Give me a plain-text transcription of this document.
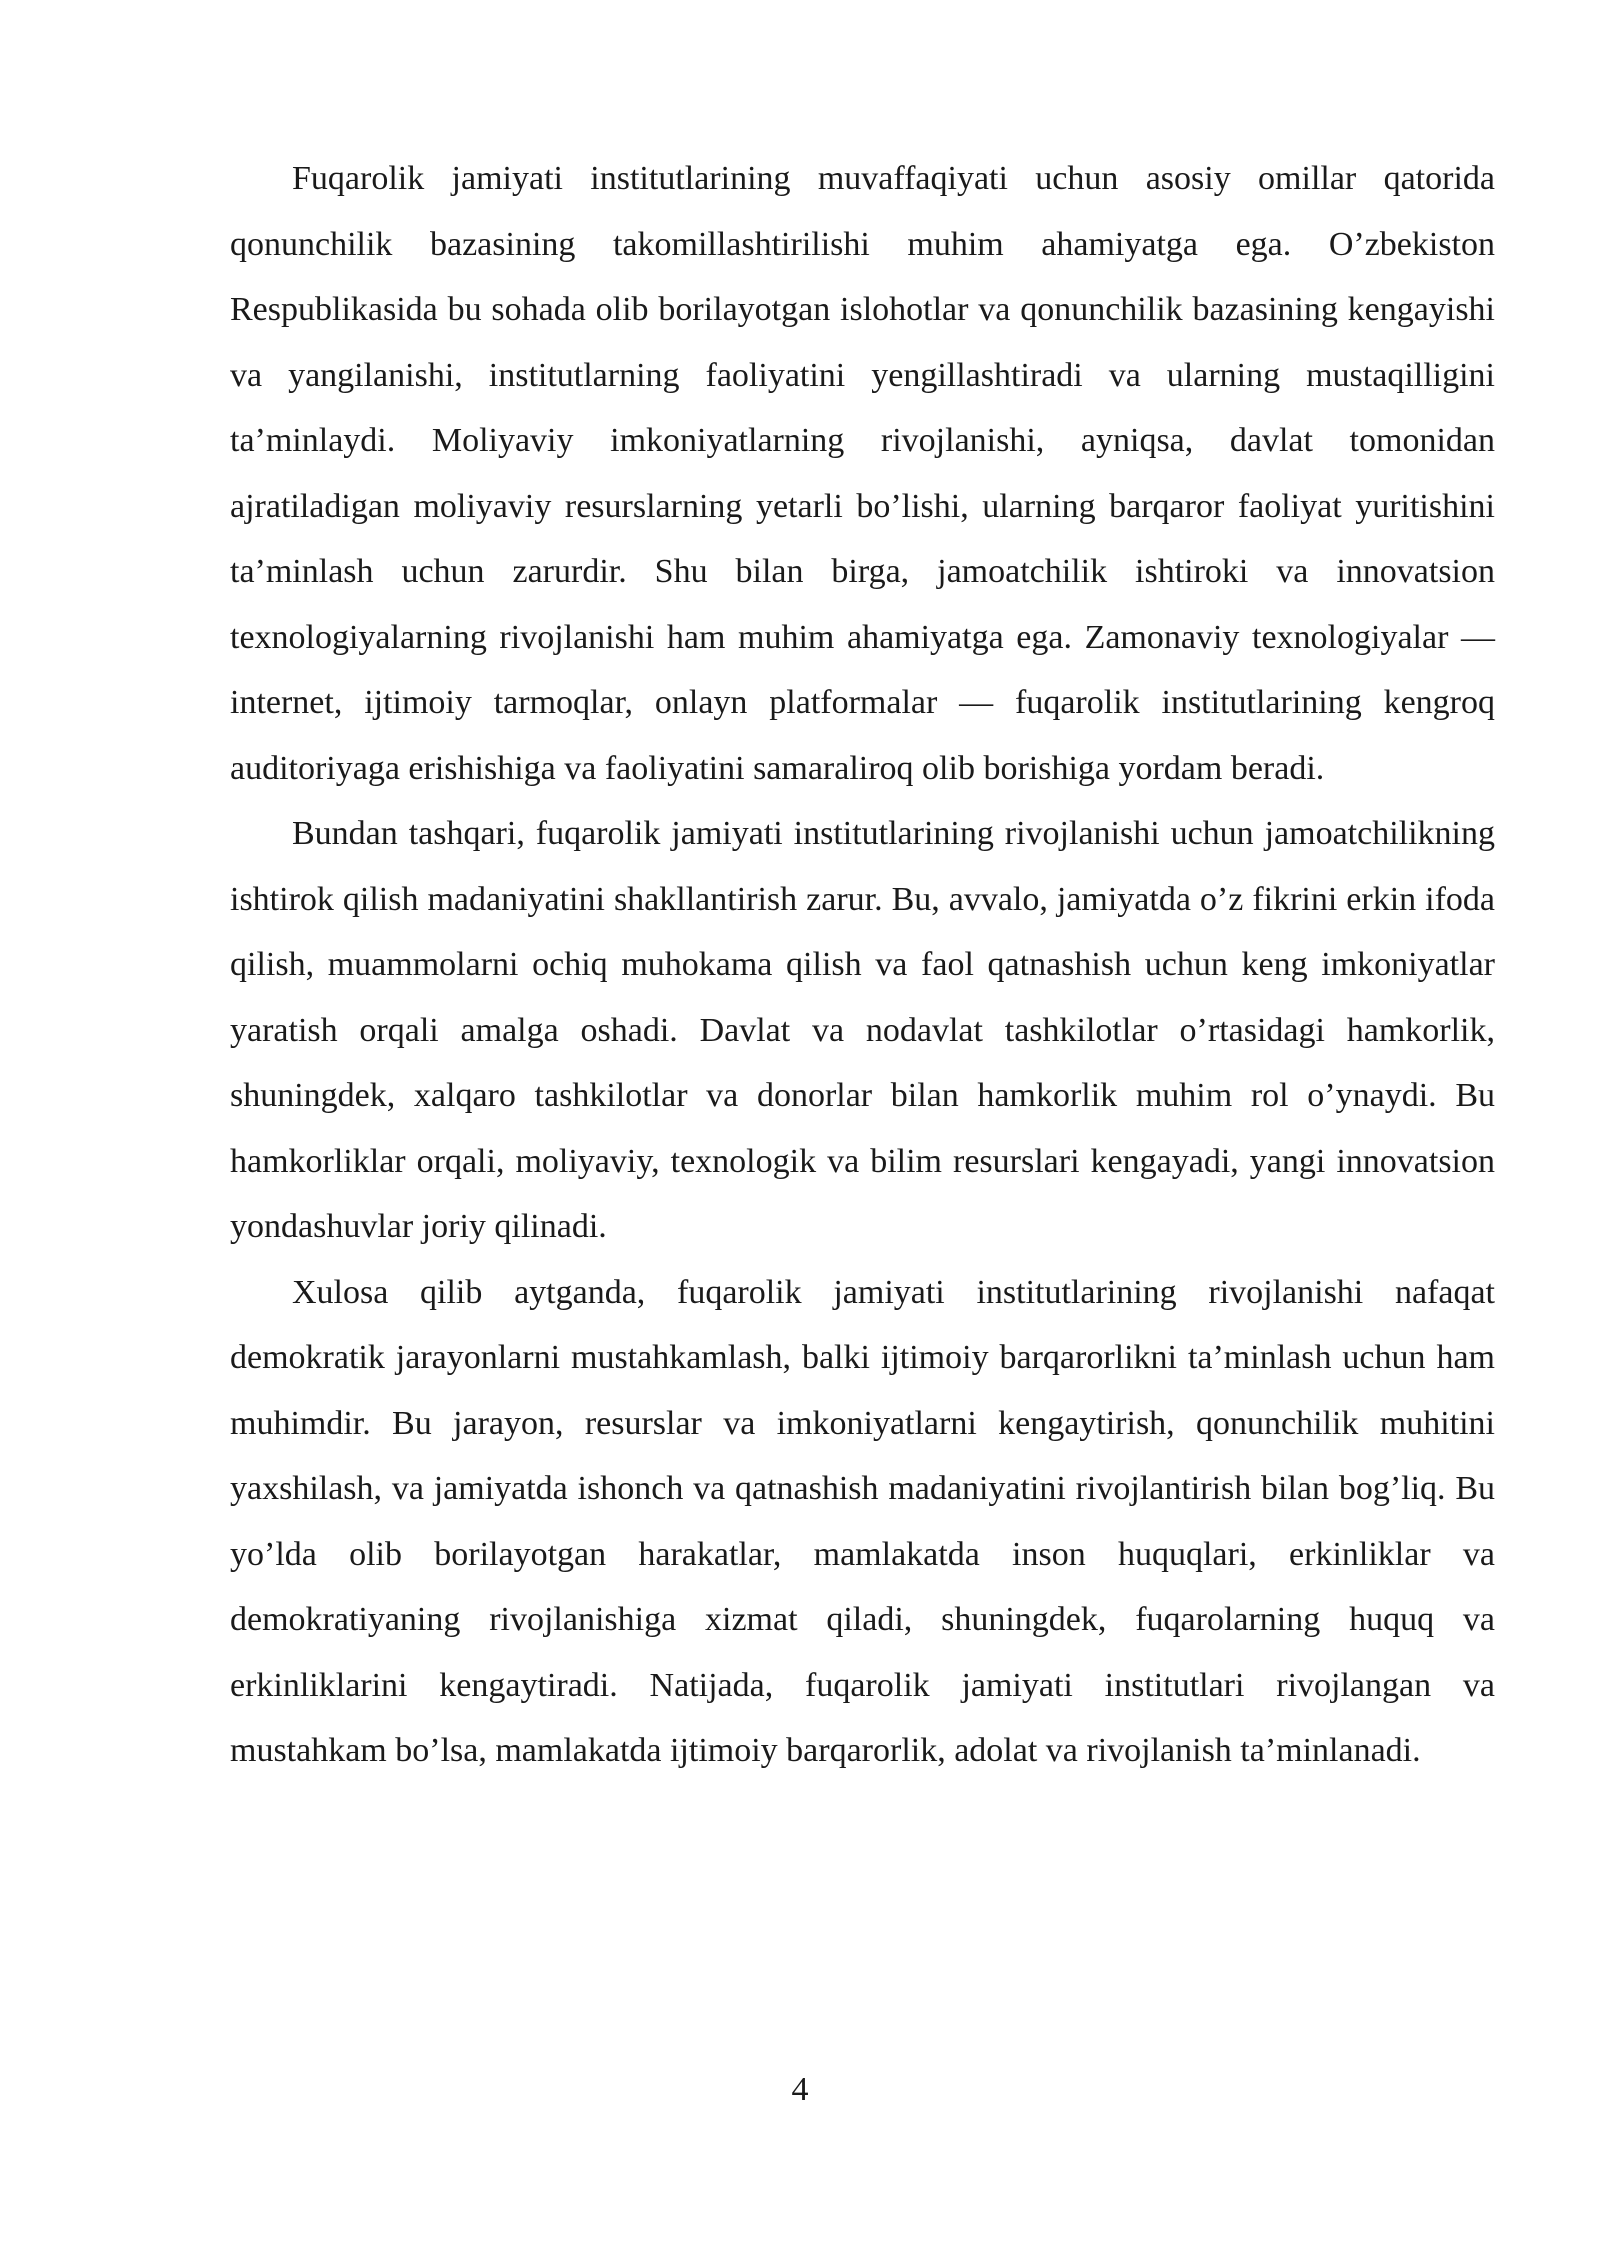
Fuqarolik jamiyati institutlarining muvaffaqiyati uchun asosiy omillar qatorida qonunchilik bazasining takomillashtirilishi muhim ahamiyatga ega. O’zbekiston Respublikasida bu sohada olib borilayotgan islohotlar va qonunchilik bazasining kengayishi va yangilanishi, institutlarning faoliyatini yengillashtiradi va ularning mustaqilligini ta’minlaydi. Moliyaviy imkoniyatlarning rivojlanishi, ayniqsa, davlat tomonidan ajratiladigan moliyaviy resurslarning yetarli bo’lishi, ularning barqaror faoliyat yuritishini ta’minlash uchun zarurdir. Shu bilan birga, jamoatchilik ishtiroki va innovatsion texnologiyalarning rivojlanishi ham muhim ahamiyatga ega. Zamonaviy texnologiyalar — internet, ijtimoiy tarmoqlar, onlayn platformalar — fuqarolik institutlarining kengroq auditoriyaga erishishiga va faoliyatini samaraliroq olib borishiga yordam beradi.

Bundan tashqari, fuqarolik jamiyati institutlarining rivojlanishi uchun jamoatchilikning ishtirok qilish madaniyatini shakllantirish zarur. Bu, avvalo, jamiyatda o’z fikrini erkin ifoda qilish, muammolarni ochiq muhokama qilish va faol qatnashish uchun keng imkoniyatlar yaratish orqali amalga oshadi. Davlat va nodavlat tashkilotlar o’rtasidagi hamkorlik, shuningdek, xalqaro tashkilotlar va donorlar bilan hamkorlik muhim rol o’ynaydi. Bu hamkorliklar orqali, moliyaviy, texnologik va bilim resurslari kengayadi, yangi innovatsion yondashuvlar joriy qilinadi.

Xulosa qilib aytganda, fuqarolik jamiyati institutlarining rivojlanishi nafaqat demokratik jarayonlarni mustahkamlash, balki ijtimoiy barqarorlikni ta’minlash uchun ham muhimdir. Bu jarayon, resurslar va imkoniyatlarni kengaytirish, qonunchilik muhitini yaxshilash, va jamiyatda ishonch va qatnashish madaniyatini rivojlantirish bilan bog’liq. Bu yo’lda olib borilayotgan harakatlar, mamlakatda inson huquqlari, erkinliklar va demokratiyaning rivojlanishiga xizmat qiladi, shuningdek, fuqarolarning huquq va erkinliklarini kengaytiradi. Natijada, fuqarolik jamiyati institutlari rivojlangan va mustahkam bo’lsa, mamlakatda ijtimoiy barqarorlik, adolat va rivojlanish ta’minlanadi.

4
